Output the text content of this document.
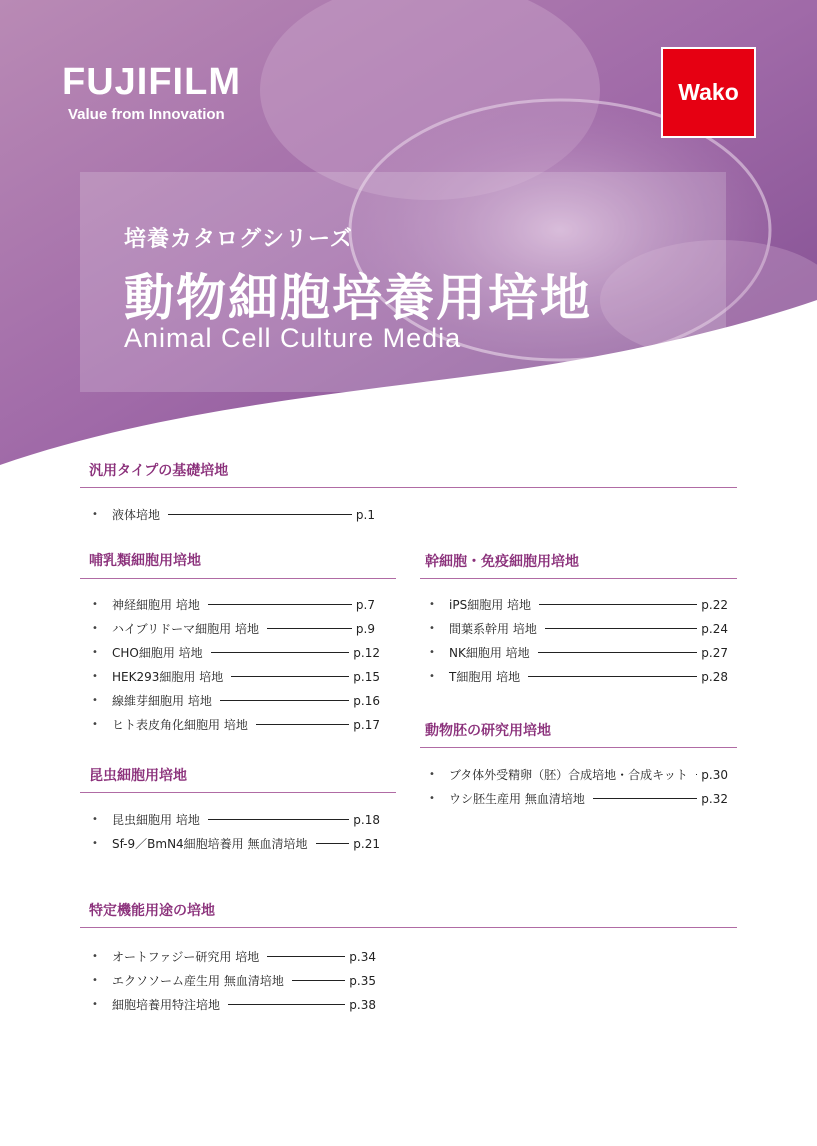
FUJIFILM
Value from Innovation
Wako
培養カタログシリーズ
動物細胞培養用培地
Animal Cell Culture Media
汎用タイプの基礎培地
•	液体培地	p.1
哺乳類細胞用培地
•	神経細胞用 培地	p.7
•	ハイブリドーマ細胞用 培地	p.9
•	CHO細胞用 培地	p.12
•	HEK293細胞用 培地	p.15
•	線維芽細胞用 培地	p.16
•	ヒト表皮角化細胞用 培地	p.17
昆虫細胞用培地
•	昆虫細胞用 培地	p.18
•	Sf-9／BmN4細胞培養用 無血清培地	p.21
幹細胞・免疫細胞用培地
•	iPS細胞用 培地	p.22
•	間葉系幹用 培地	p.24
•	NK細胞用 培地	p.27
•	T細胞用 培地	p.28
動物胚の研究用培地
•	ブタ体外受精卵（胚）合成培地・合成キット p.30
•	ウシ胚生産用 無血清培地	p.32
特定機能用途の培地
•	オートファジー研究用 培地	p.34
•	エクソソーム産生用 無血清培地	p.35
•	細胞培養用特注培地	p.38
